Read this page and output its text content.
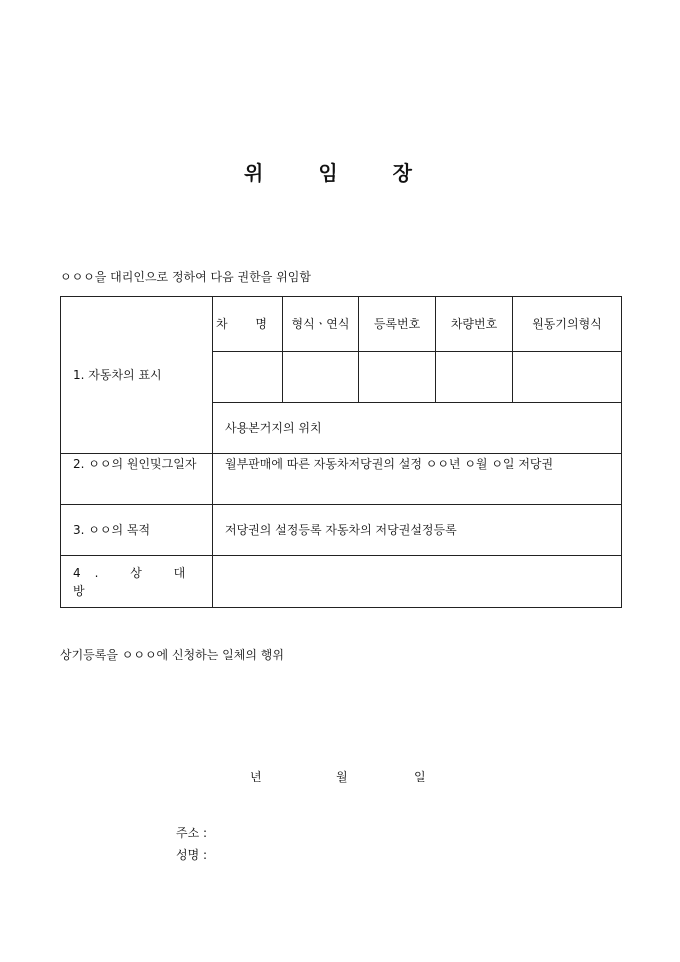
위 임 장
ㅇㅇㅇ을 대리인으로 정하여 다음 권한을 위임함
1. 자동차의 표시	차 명	형식ㆍ연식	등록번호	차량번호	원동기의형식

	사용본거지의 위치				
2. ㅇㅇ의 원인및그일자	월부판매에 따른 자동차저당권의 설정 ㅇㅇ년 ㅇ월 ㅇ일 저당권				
3. ㅇㅇ의 목적	저당권의 설정등록 자동차의 저당권설정등록				
4. 상 대 방					
상기등록을 ㅇㅇㅇ에 신청하는 일체의 행위
년	월	일
주소 :
성명 :
